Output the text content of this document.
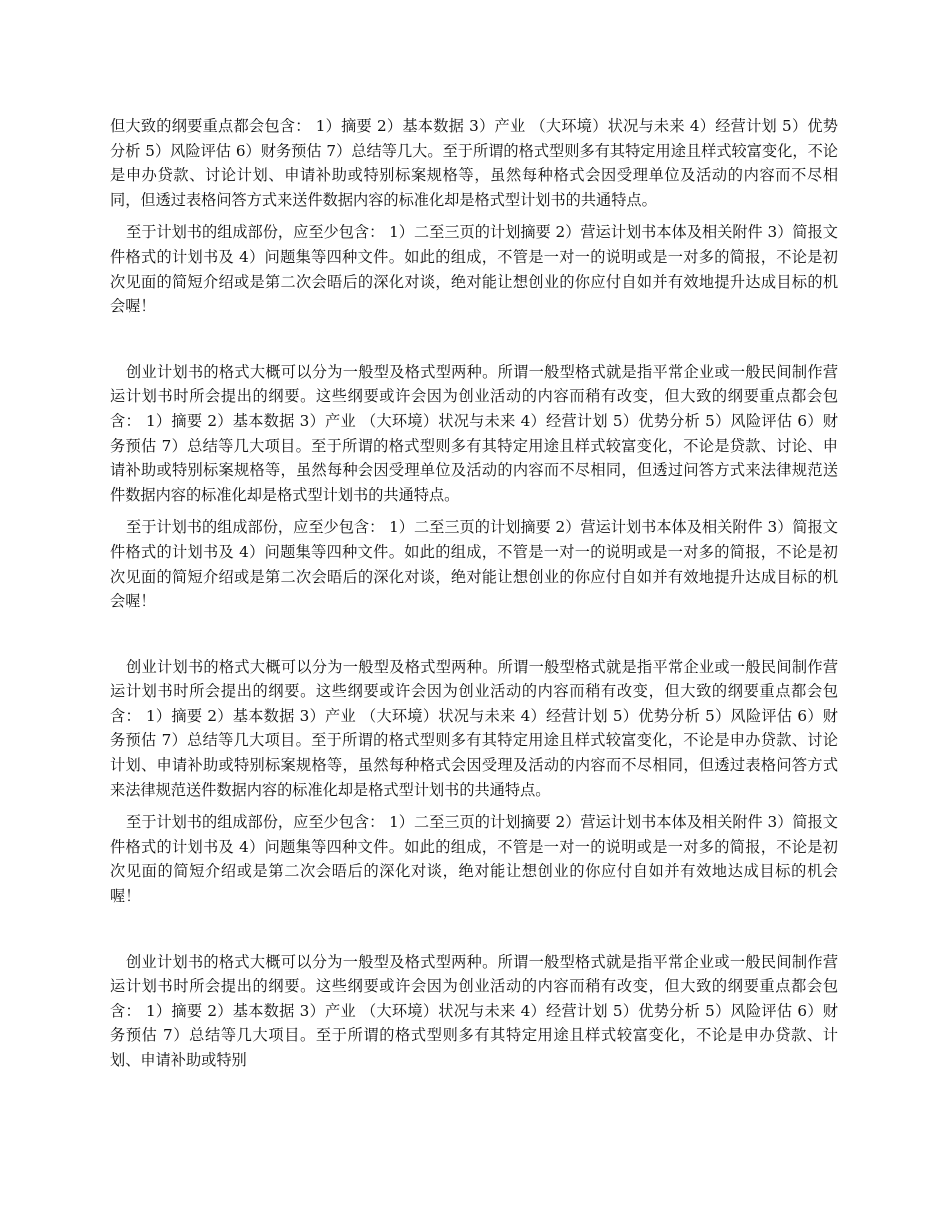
但大致的纲要重点都会包含： 1）摘要 2）基本数据 3）产业 （大环境）状况与未来 4）经营计划 5）优势分析 5）风险评估 6）财务预估 7）总结等几大。至于所谓的格式型则多有其特定用途且样式较富变化，不论是申办贷款、讨论计划、申请补助或特别标案规格等，虽然每种格式会因受理单位及活动的内容而不尽相同，但透过表格问答方式来送件数据内容的标准化却是格式型计划书的共通特点。

至于计划书的组成部份，应至少包含： 1）二至三页的计划摘要 2）营运计划书本体及相关附件 3）简报文件格式的计划书及 4）问题集等四种文件。如此的组成，不管是一对一的说明或是一对多的简报，不论是初次见面的简短介绍或是第二次会晤后的深化对谈，绝对能让想创业的你应付自如并有效地提升达成目标的机会喔！

创业计划书的格式大概可以分为一般型及格式型两种。所谓一般型格式就是指平常企业或一般民间制作营运计划书时所会提出的纲要。这些纲要或许会因为创业活动的内容而稍有改变，但大致的纲要重点都会包含： 1）摘要 2）基本数据 3）产业 （大环境）状况与未来 4）经营计划 5）优势分析 5）风险评估 6）财务预估 7）总结等几大项目。至于所谓的格式型则多有其特定用途且样式较富变化，不论是贷款、讨论、申请补助或特别标案规格等，虽然每种会因受理单位及活动的内容而不尽相同，但透过问答方式来法律规范送件数据内容的标准化却是格式型计划书的共通特点。

至于计划书的组成部份，应至少包含： 1）二至三页的计划摘要 2）营运计划书本体及相关附件 3）简报文件格式的计划书及 4）问题集等四种文件。如此的组成，不管是一对一的说明或是一对多的简报，不论是初次见面的简短介绍或是第二次会晤后的深化对谈，绝对能让想创业的你应付自如并有效地提升达成目标的机会喔！

创业计划书的格式大概可以分为一般型及格式型两种。所谓一般型格式就是指平常企业或一般民间制作营运计划书时所会提出的纲要。这些纲要或许会因为创业活动的内容而稍有改变，但大致的纲要重点都会包含： 1）摘要 2）基本数据 3）产业 （大环境）状况与未来 4）经营计划 5）优势分析 5）风险评估 6）财务预估 7）总结等几大项目。至于所谓的格式型则多有其特定用途且样式较富变化，不论是申办贷款、讨论计划、申请补助或特别标案规格等，虽然每种格式会因受理及活动的内容而不尽相同，但透过表格问答方式来法律规范送件数据内容的标准化却是格式型计划书的共通特点。

至于计划书的组成部份，应至少包含： 1）二至三页的计划摘要 2）营运计划书本体及相关附件 3）简报文件格式的计划书及 4）问题集等四种文件。如此的组成，不管是一对一的说明或是一对多的简报，不论是初次见面的简短介绍或是第二次会晤后的深化对谈，绝对能让想创业的你应付自如并有效地达成目标的机会喔！

创业计划书的格式大概可以分为一般型及格式型两种。所谓一般型格式就是指平常企业或一般民间制作营运计划书时所会提出的纲要。这些纲要或许会因为创业活动的内容而稍有改变，但大致的纲要重点都会包含： 1）摘要 2）基本数据 3）产业 （大环境）状况与未来 4）经营计划 5）优势分析 5）风险评估 6）财务预估 7）总结等几大项目。至于所谓的格式型则多有其特定用途且样式较富变化，不论是申办贷款、计划、申请补助或特别
